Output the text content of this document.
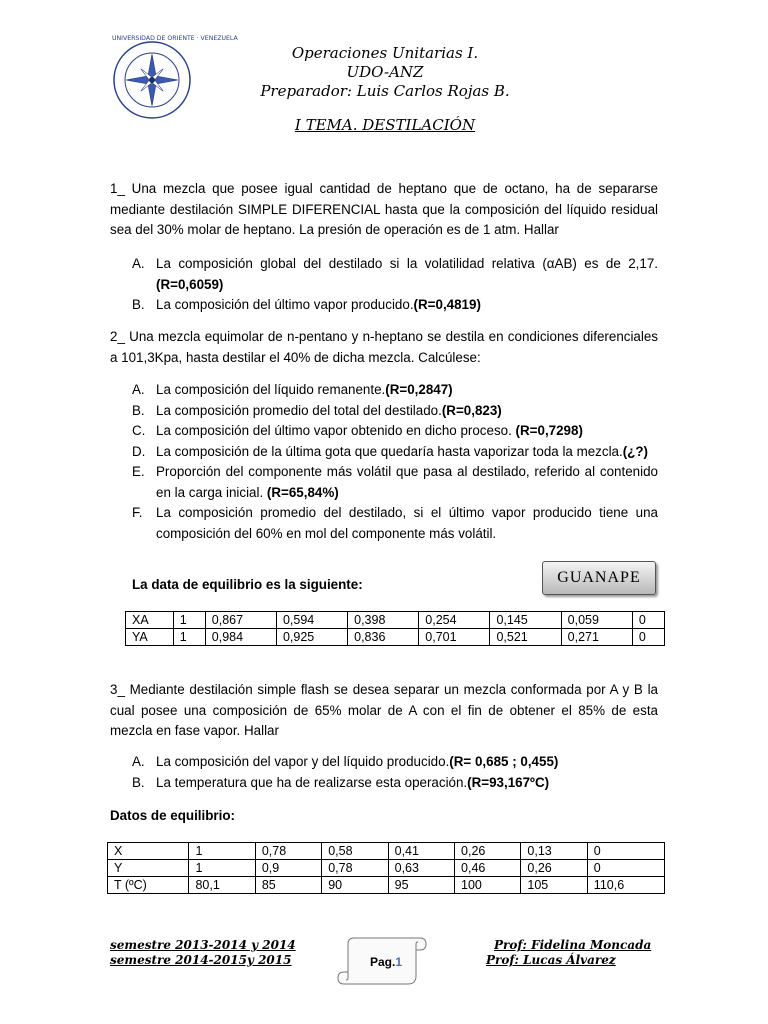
UNIVERSIDAD DE ORIENTE · VENEZUELA
Operaciones Unitarias I.
UDO-ANZ
Preparador: Luis Carlos Rojas B.
I TEMA. DESTILACIÓN
1_ Una mezcla que posee igual cantidad de heptano que de octano, ha de separarse mediante destilación SIMPLE DIFERENCIAL hasta que la composición del líquido residual sea del 30% molar de heptano. La presión de operación es de 1 atm. Hallar
A. La composición global del destilado si la volatilidad relativa (αAB) es de 2,17.(R=0,6059)
B. La composición del último vapor producido.(R=0,4819)
2_ Una mezcla equimolar de n-pentano y n-heptano se destila en condiciones diferenciales a 101,3Kpa, hasta destilar el 40% de dicha mezcla. Calcúlese:
A. La composición del líquido remanente.(R=0,2847)
B. La composición promedio del total del destilado.(R=0,823)
C. La composición del último vapor obtenido en dicho proceso. (R=0,7298)
D. La composición de la última gota que quedaría hasta vaporizar toda la mezcla.(¿?)
E. Proporción del componente más volátil que pasa al destilado, referido al contenido en la carga inicial. (R=65,84%)
F. La composición promedio del destilado, si el último vapor producido tiene una composición del 60% en mol del componente más volátil.
La data de equilibrio es la siguiente:	GUANAPE
XA	1	0,867	0,594	0,398	0,254	0,145	0,059	0
YA	1	0,984	0,925	0,836	0,701	0,521	0,271	0
3_ Mediante destilación simple flash se desea separar un mezcla conformada por A y B la cual posee una composición de 65% molar de A con el fin de obtener el 85% de esta mezcla en fase vapor. Hallar
A. La composición del vapor y del líquido producido.(R= 0,685 ; 0,455)
B. La temperatura que ha de realizarse esta operación.(R=93,167ºC)
Datos de equilibrio:
X	1	0,78	0,58	0,41	0,26	0,13	0
Y	1	0,9	0,78	0,63	0,46	0,26	0
T (ºC)	80,1	85	90	95	100	105	110,6
semestre 2013-2014 y 2014
semestre 2014-2015y 2015	Pag.1
Prof: Fidelina Moncada
Prof: Lucas Álvarez
